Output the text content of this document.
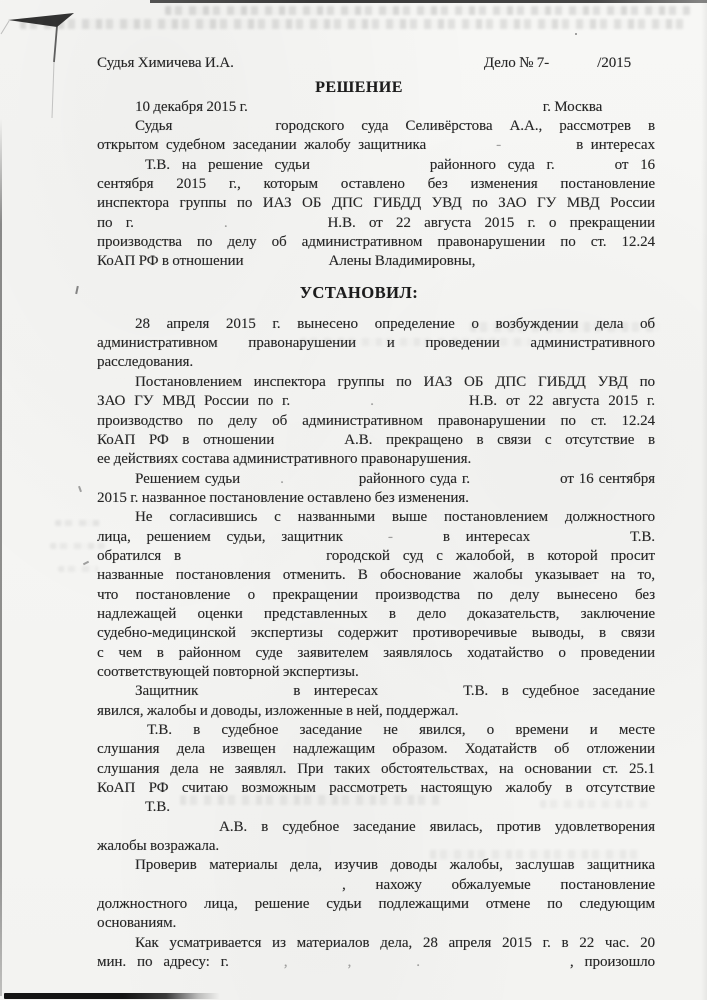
Судья Химичева И.А.	Дело № 7-	/2015
РЕШЕНИЕ
10 декабря 2015 г.	г. Москва
Судья	городского суда Селивёрстова А.А., рассмотрев в
открытом судебном заседании жалобу защитника	-	в интересах
Т.В. на решение судьи	районного суда г.	от 16
сентября 2015 г., которым оставлено без изменения постановление
инспектора группы по ИАЗ ОБ ДПС ГИБДД УВД по ЗАО ГУ МВД России
по г.	.	Н.В. от 22 августа 2015 г. о прекращении
производства по делу об административном правонарушении по ст. 12.24
КоАП РФ в отношении	Алены Владимировны,
УСТАНОВИЛ:
28 апреля 2015 г. вынесено определение о возбуждении дела об
административном правонарушении и проведении административного
расследования.
Постановлением инспектора группы по ИАЗ ОБ ДПС ГИБДД УВД по
ЗАО ГУ МВД России по г.	.	Н.В. от 22 августа 2015 г.
производство по делу об административном правонарушении по ст. 12.24
КоАП РФ в отношении	А.В. прекращено в связи с отсутствие в
ее действиях состава административного правонарушения.
Решением судьи	.	районного суда г.	от 16 сентября
2015 г. названное постановление оставлено без изменения.
Не согласившись с названными выше постановлением должностного
лица, решением судьи, защитник	-	в интересах	Т.В.
обратился в	городской суд с жалобой, в которой просит
названные постановления отменить. В обоснование жалобы указывает на то,
что постановление о прекращении производства по делу вынесено без
надлежащей оценки представленных в дело доказательств, заключение
судебно-медицинской экспертизы содержит противоречивые выводы, в связи
с чем в районном суде заявителем заявлялось ходатайство о проведении
соответствующей повторной экспертизы.
Защитник	в интересах	Т.В. в судебное заседание
явился, жалобы и доводы, изложенные в ней, поддержал.
Т.В. в судебное заседание не явился, о времени и месте
слушания дела извещен надлежащим образом. Ходатайств об отложении
слушания дела не заявлял. При таких обстоятельствах, на основании ст. 25.1
КоАП РФ считаю возможным рассмотреть настоящую жалобу в отсутствие
Т.В.
А.В. в судебное заседание явилась, против удовлетворения
жалобы возражала.
Проверив материалы дела, изучив доводы жалобы, заслушав защитника
, нахожу обжалуемые постановление
должностного лица, решение судьи подлежащими отмене по следующим
основаниям.
Как усматривается из материалов дела, 28 апреля 2015 г. в 22 час. 20
мин. по адресу: г.	,	,	.	, произошло
